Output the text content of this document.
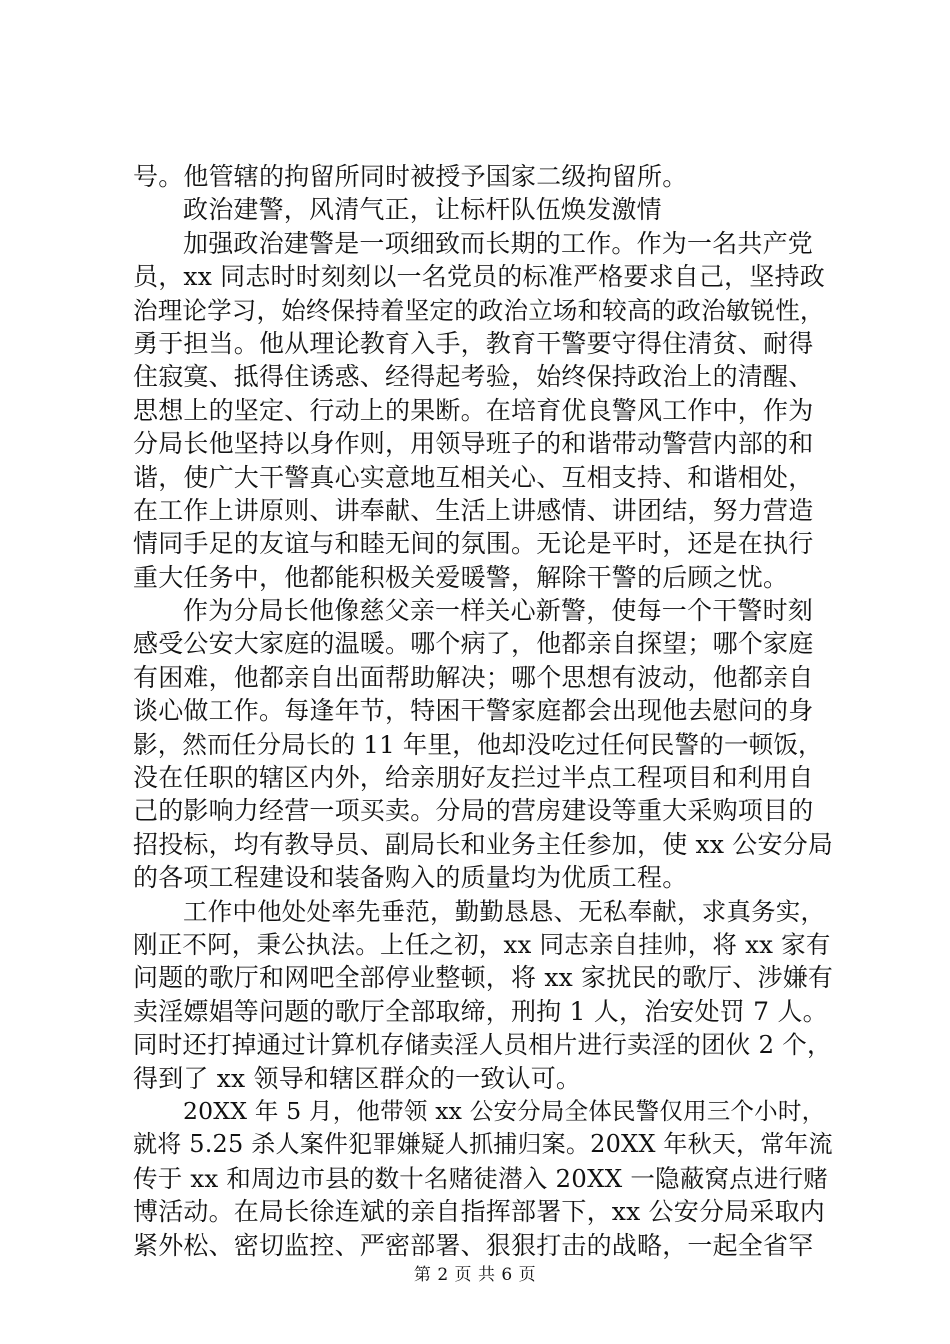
号。他管辖的拘留所同时被授予国家二级拘留所。
政治建警，风清气正，让标杆队伍焕发激情
加强政治建警是一项细致而长期的工作。作为一名共产党
员，xx 同志时时刻刻以一名党员的标准严格要求自己，坚持政
治理论学习，始终保持着坚定的政治立场和较高的政治敏锐性，
勇于担当。他从理论教育入手，教育干警要守得住清贫、耐得
住寂寞、抵得住诱惑、经得起考验，始终保持政治上的清醒、
思想上的坚定、行动上的果断。在培育优良警风工作中，作为
分局长他坚持以身作则，用领导班子的和谐带动警营内部的和
谐，使广大干警真心实意地互相关心、互相支持、和谐相处，
在工作上讲原则、讲奉献、生活上讲感情、讲团结，努力营造
情同手足的友谊与和睦无间的氛围。无论是平时，还是在执行
重大任务中，他都能积极关爱暖警，解除干警的后顾之忧。
作为分局长他像慈父亲一样关心新警，使每一个干警时刻
感受公安大家庭的温暖。哪个病了，他都亲自探望；哪个家庭
有困难，他都亲自出面帮助解决；哪个思想有波动，他都亲自
谈心做工作。每逢年节，特困干警家庭都会出现他去慰问的身
影，然而任分局长的 11 年里，他却没吃过任何民警的一顿饭，
没在任职的辖区内外，给亲朋好友拦过半点工程项目和利用自
己的影响力经营一项买卖。分局的营房建设等重大采购项目的
招投标，均有教导员、副局长和业务主任参加，使 xx 公安分局
的各项工程建设和装备购入的质量均为优质工程。
工作中他处处率先垂范，勤勤恳恳、无私奉献，求真务实，
刚正不阿，秉公执法。上任之初，xx 同志亲自挂帅，将 xx 家有
问题的歌厅和网吧全部停业整顿，将 xx 家扰民的歌厅、涉嫌有
卖淫嫖娼等问题的歌厅全部取缔，刑拘 1 人，治安处罚 7 人。
同时还打掉通过计算机存储卖淫人员相片进行卖淫的团伙 2 个，
得到了 xx 领导和辖区群众的一致认可。
20XX 年 5 月，他带领 xx 公安分局全体民警仅用三个小时，
就将 5.25 杀人案件犯罪嫌疑人抓捕归案。20XX 年秋天，常年流
传于 xx 和周边市县的数十名赌徒潜入 20XX 一隐蔽窝点进行赌
博活动。在局长徐连斌的亲自指挥部署下，xx 公安分局采取内
紧外松、密切监控、严密部署、狠狠打击的战略，一起全省罕
第 2 页 共 6 页
